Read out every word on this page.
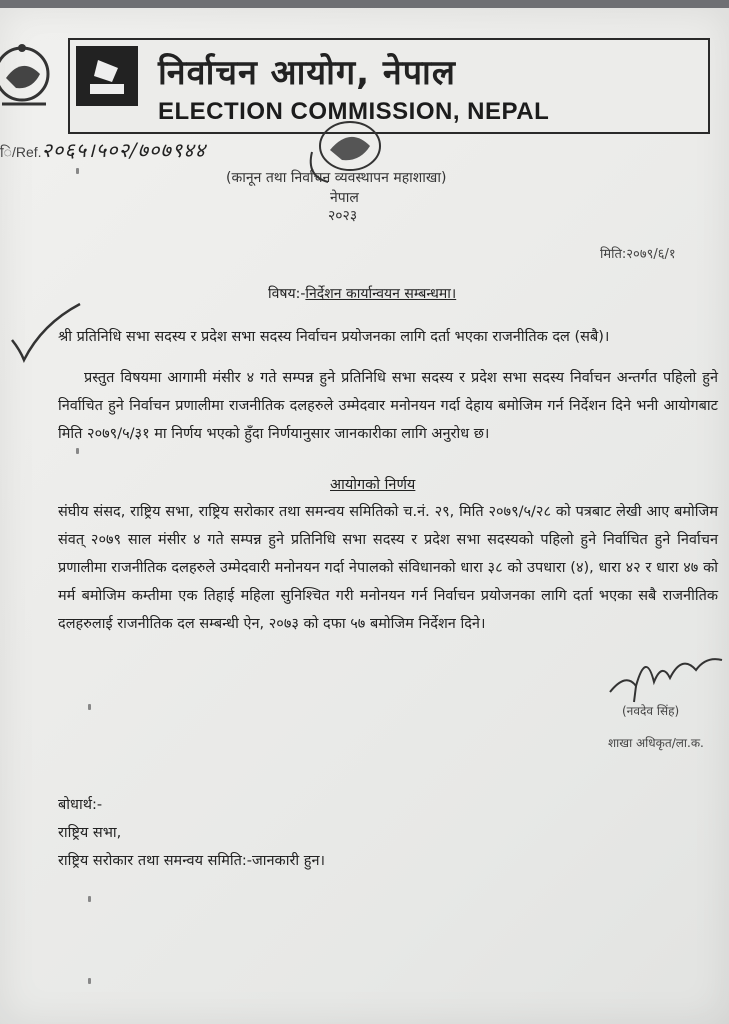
निर्वाचन आयोग, नेपाल
ELECTION COMMISSION, NEPAL
ि/Ref.२०६५।५०२/७०७९४४
नेपाल
२०२३
(कानून तथा निर्वाचन व्यवस्थापन महाशाखा)
मिति:२०७९/६/१
विषय:-निर्देशन कार्यान्वयन सम्बन्धमा।
श्री प्रतिनिधि सभा सदस्य र प्रदेश सभा सदस्य निर्वाचन प्रयोजनका लागि दर्ता भएका राजनीतिक दल (सबै)।

प्रस्तुत विषयमा आगामी मंसीर ४ गते सम्पन्न हुने प्रतिनिधि सभा सदस्य र प्रदेश सभा सदस्य निर्वाचन अन्तर्गत पहिलो हुने निर्वाचित हुने निर्वाचन प्रणालीमा राजनीतिक दलहरुले उम्मेदवार मनोनयन गर्दा देहाय बमोजिम गर्न निर्देशन दिने भनी आयोगबाट मिति २०७९/५/३१ मा निर्णय भएको हुँदा निर्णयानुसार जानकारीका लागि अनुरोध छ।

आयोगको निर्णय

संघीय संसद, राष्ट्रिय सभा, राष्ट्रिय सरोकार तथा समन्वय समितिको च.नं. २९, मिति २०७९/५/२८ को पत्रबाट लेखी आए बमोजिम संवत् २०७९ साल मंसीर ४ गते सम्पन्न हुने प्रतिनिधि सभा सदस्य र प्रदेश सभा सदस्यको पहिलो हुने निर्वाचित हुने निर्वाचन प्रणालीमा राजनीतिक दलहरुले उम्मेदवारी मनोनयन गर्दा नेपालको संविधानको धारा ३८ को उपधारा (४), धारा ४२ र धारा ४७ को मर्म बमोजिम कम्तीमा एक तिहाई महिला सुनिश्चित गरी मनोनयन गर्न निर्वाचन प्रयोजनका लागि दर्ता भएका सबै राजनीतिक दलहरुलाई राजनीतिक दल सम्बन्धी ऐन, २०७३ को दफा ५७ बमोजिम निर्देशन दिने।

(नवदेव सिंह)
शाखा अधिकृत/ला.क.
बोधार्थ:-
राष्ट्रिय सभा,
राष्ट्रिय सरोकार तथा समन्वय समिति:-जानकारी हुन।
